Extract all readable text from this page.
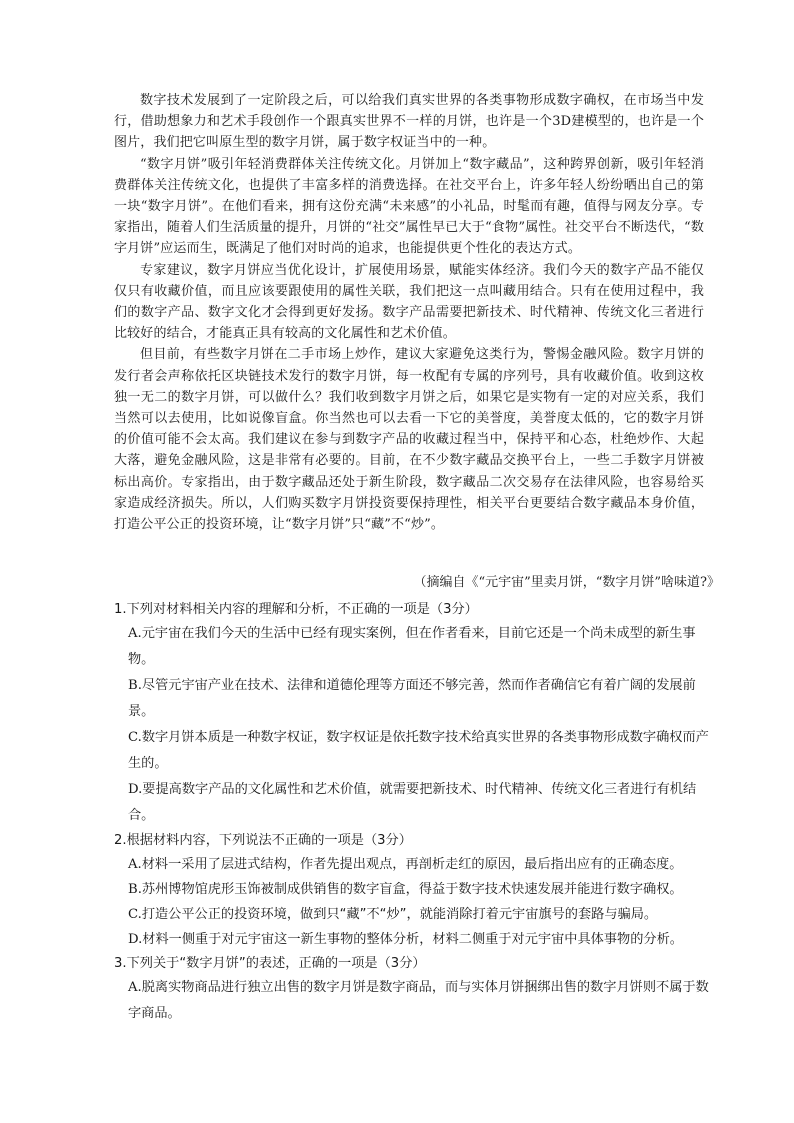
数字技术发展到了一定阶段之后，可以给我们真实世界的各类事物形成数字确权，在市场当中发行，借助想象力和艺术手段创作一个跟真实世界不一样的月饼，也许是一个3D建模型的，也许是一个图片，我们把它叫原生型的数字月饼，属于数字权证当中的一种。

“数字月饼”吸引年轻消费群体关注传统文化。月饼加上“数字藏品”，这种跨界创新，吸引年轻消费群体关注传统文化，也提供了丰富多样的消费选择。在社交平台上，许多年轻人纷纷晒出自己的第一块“数字月饼”。在他们看来，拥有这份充满“未来感”的小礼品，时髦而有趣，值得与网友分享。专家指出，随着人们生活质量的提升，月饼的“社交”属性早已大于“食物”属性。社交平台不断迭代，“数字月饼”应运而生，既满足了他们对时尚的追求，也能提供更个性化的表达方式。

专家建议，数字月饼应当优化设计，扩展使用场景，赋能实体经济。我们今天的数字产品不能仅仅只有收藏价值，而且应该要跟使用的属性关联，我们把这一点叫藏用结合。只有在使用过程中，我们的数字产品、数字文化才会得到更好发扬。数字产品需要把新技术、时代精神、传统文化三者进行比较好的结合，才能真正具有较高的文化属性和艺术价值。

但目前，有些数字月饼在二手市场上炒作，建议大家避免这类行为，警惕金融风险。数字月饼的发行者会声称依托区块链技术发行的数字月饼，每一枚配有专属的序列号，具有收藏价值。收到这枚独一无二的数字月饼，可以做什么？我们收到数字月饼之后，如果它是实物有一定的对应关系，我们当然可以去使用，比如说像盲盒。你当然也可以去看一下它的美誉度，美誉度太低的，它的数字月饼的价值可能不会太高。我们建议在参与到数字产品的收藏过程当中，保持平和心态，杜绝炒作、大起大落，避免金融风险，这是非常有必要的。目前，在不少数字藏品交换平台上，一些二手数字月饼被标出高价。专家指出，由于数字藏品还处于新生阶段，数字藏品二次交易存在法律风险，也容易给买家造成经济损失。所以，人们购买数字月饼投资要保持理性，相关平台更要结合数字藏品本身价值，打造公平公正的投资环境，让“数字月饼”只“藏”不“炒”。

（摘编自《“元宇宙”里卖月饼，“数字月饼”啥味道?》

1.下列对材料相关内容的理解和分析，不正确的一项是（3分）

A.元宇宙在我们今天的生活中已经有现实案例，但在作者看来，目前它还是一个尚未成型的新生事物。
B.尽管元宇宙产业在技术、法律和道德伦理等方面还不够完善，然而作者确信它有着广阔的发展前景。
C.数字月饼本质是一种数字权证，数字权证是依托数字技术给真实世界的各类事物形成数字确权而产生的。
D.要提高数字产品的文化属性和艺术价值，就需要把新技术、时代精神、传统文化三者进行有机结合。

2.根据材料内容，下列说法不正确的一项是（3分）

A.材料一采用了层进式结构，作者先提出观点，再剖析走红的原因，最后指出应有的正确态度。
B.苏州博物馆虎形玉饰被制成供销售的数字盲盒，得益于数字技术快速发展并能进行数字确权。
C.打造公平公正的投资环境，做到只“藏”不“炒”，就能消除打着元宇宙旗号的套路与骗局。
D.材料一侧重于对元宇宙这一新生事物的整体分析，材料二侧重于对元宇宙中具体事物的分析。

3.下列关于“数字月饼”的表述，正确的一项是（3分）

A.脱离实物商品进行独立出售的数字月饼是数字商品，而与实体月饼捆绑出售的数字月饼则不属于数字商品。
